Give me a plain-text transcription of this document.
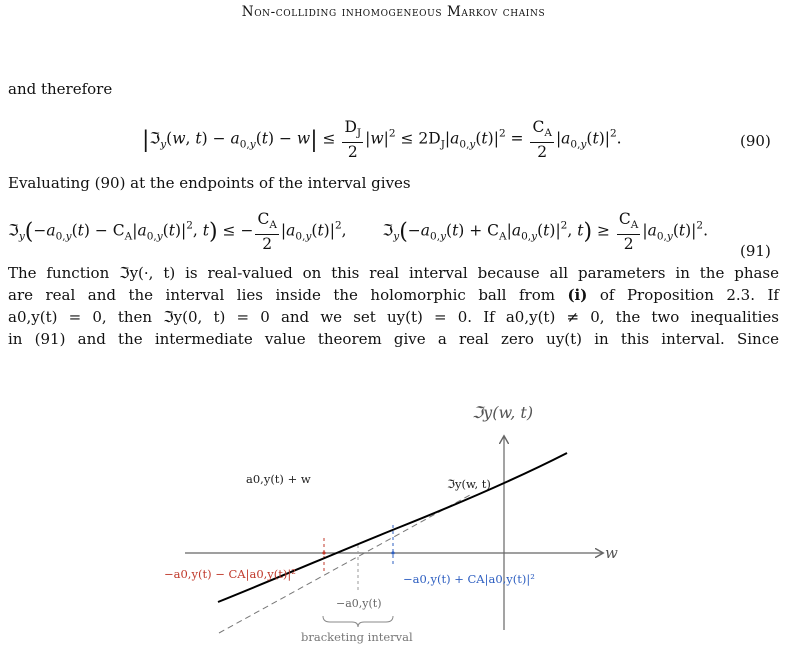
Non-colliding inhomogeneous Markov chains
and therefore
|ℑ$_y$(w, $t) - a_{0,y}(t) - w| \le \frac{D_J}{2} |w|^2 \le 2D_J|a_{0,y}(t)|^2 = \frac{C_A}{2} |a_{0,y}(t)|^2$.	(90)
Evaluating (90) at the endpoints of the interval gives
$ℑ_y(-a_{0,y}(t) - C_A|a_{0,y}(t)|^2$, t) ≤ − $\frac{C_A}{2} |a_{0,y}(t)|^2$,  $ℑ_y(-a_{0,y}(t) + C_A|a_{0,y}(t)|^2$, $t) \ge \frac{C_A}{2} |a_{0,y}(t)|^2$.
(91)
The function ℑy(·, t) is real-valued on this real interval because all parameters in the phase
are real and the interval lies inside the holomorphic ball from (i) of Proposition 2.3. If
a0,y(t) = 0, then ℑy(0, t) = 0 and we set uy(t) = 0. If a0,y(t) ≠ 0, the two inequalities
in (91) and the intermediate value theorem give a real zero uy(t) in this interval. Since
ℑy(w, t)
w
a0,y(t) + w	ℑy(w, t)
−a0,y(t) − CA|a0,y(t)|²	−a0,y(t) + CA|a0,y(t)|²
−a0,y(t)
bracketing interval
